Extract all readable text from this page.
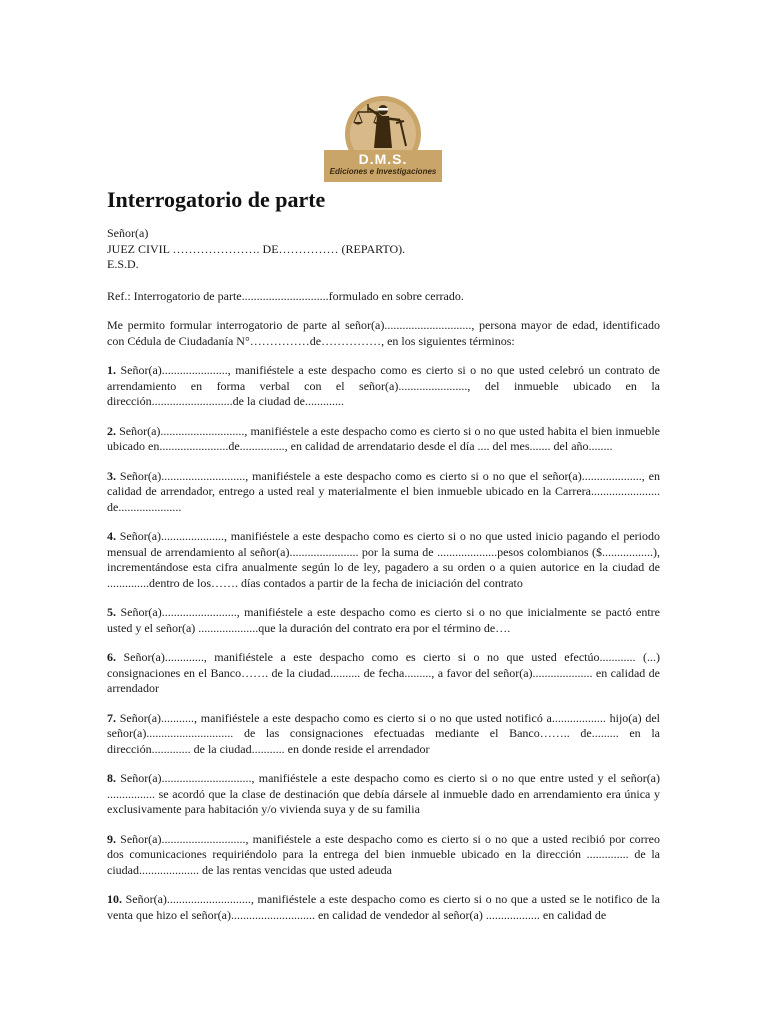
D.M.S.
Ediciones e Investigaciones
Interrogatorio de parte
Señor(a)
JUEZ CIVIL …………………. DE…………… (REPARTO).
E.S.D.

Ref.: Interrogatorio de parte.............................formulado en sobre cerrado.

Me permito formular interrogatorio de parte al señor(a)............................., persona mayor de edad, identificado con Cédula de Ciudadanía N°……………de……………, en los siguientes términos:

1. Señor(a)......................, manifiéstele a este despacho como es cierto si o no que usted celebró un contrato de arrendamiento en forma verbal con el señor(a)......................., del inmueble ubicado en la dirección...........................de la ciudad de.............

2. Señor(a)............................, manifiéstele a este despacho como es cierto si o no que usted habita el bien inmueble ubicado en.......................de..............., en calidad de arrendatario desde el día .... del mes....... del año........

3. Señor(a)............................, manifiéstele a este despacho como es cierto si o no que el señor(a)...................., en calidad de arrendador, entrego a usted real y materialmente el bien inmueble ubicado en la Carrera....................... de.....................

4. Señor(a)....................., manifiéstele a este despacho como es cierto si o no que usted inicio pagando el periodo mensual de arrendamiento al señor(a)....................... por la suma de ....................pesos colombianos ($.................), incrementándose esta cifra anualmente según lo de ley, pagadero a su orden o a quien autorice en la ciudad de ..............dentro de los……. días contados a partir de la fecha de iniciación del contrato

5. Señor(a)........................., manifiéstele a este despacho como es cierto si o no que inicialmente se pactó entre usted y el señor(a) ....................que la duración del contrato era por el término de….

6. Señor(a)............., manifiéstele a este despacho como es cierto si o no que usted efectúo............ (...) consignaciones en el Banco……. de la ciudad.......... de fecha........., a favor del señor(a).................... en calidad de arrendador

7. Señor(a)..........., manifiéstele a este despacho como es cierto si o no que usted notificó a.................. hijo(a) del señor(a)............................. de las consignaciones efectuadas mediante el Banco…….. de......... en la dirección............. de la ciudad........... en donde reside el arrendador

8. Señor(a).............................., manifiéstele a este despacho como es cierto si o no que entre usted y el señor(a) ................ se acordó que la clase de destinación que debía dársele al inmueble dado en arrendamiento era única y exclusivamente para habitación y/o vivienda suya y de su familia

9. Señor(a)............................, manifiéstele a este despacho como es cierto si o no que a usted recibió por correo dos comunicaciones requiriéndolo para la entrega del bien inmueble ubicado en la dirección .............. de la ciudad.................... de las rentas vencidas que usted adeuda

10. Señor(a)............................, manifiéstele a este despacho como es cierto si o no que a usted se le notifico de la venta que hizo el señor(a)............................ en calidad de vendedor al señor(a) .................. en calidad de
